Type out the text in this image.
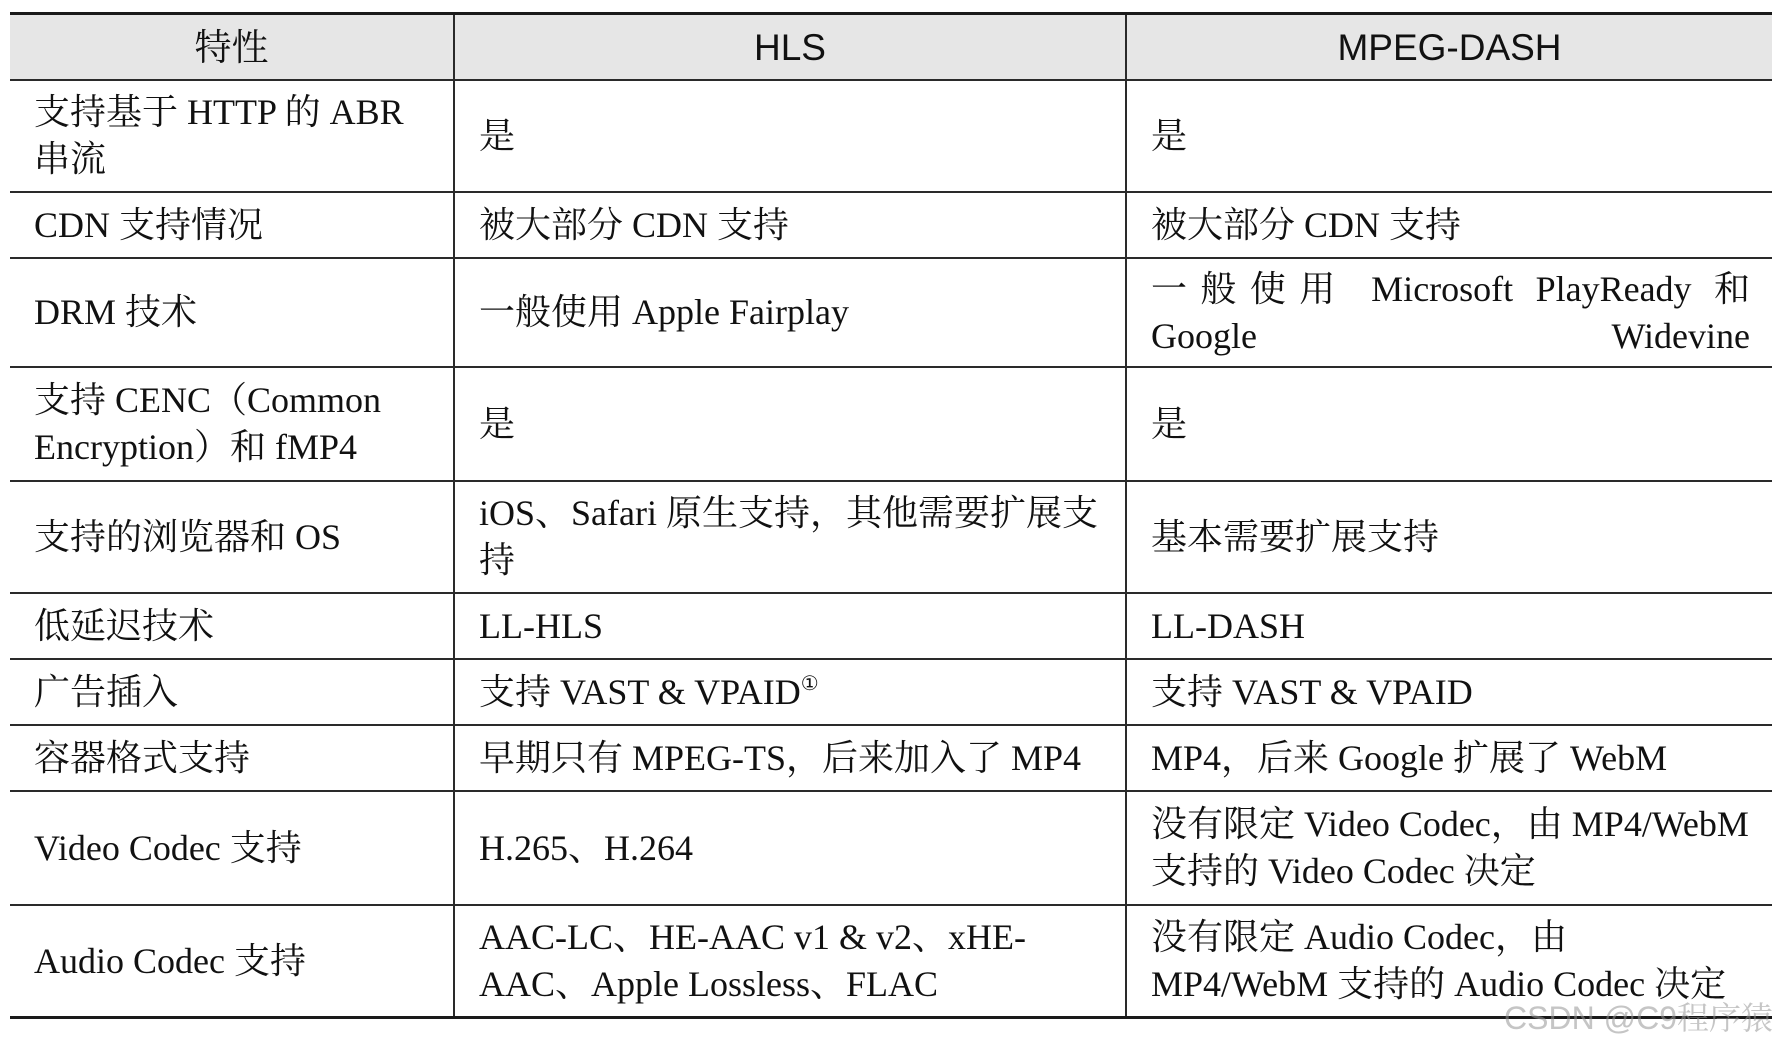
特性	HLS	MPEG-DASH
支持基于 HTTP 的 ABR 串流	是	是
CDN 支持情况	被大部分 CDN 支持	被大部分 CDN 支持
DRM 技术	一般使用 Apple Fairplay	一般使用 Microsoft PlayReady 和 Google Widevine
支持 CENC（Common Encryption）和 fMP4	是	是
支持的浏览器和 OS	iOS、Safari 原生支持，其他需要扩展支持	基本需要扩展支持
低延迟技术	LL-HLS	LL-DASH
广告插入	支持 VAST & VPAID①	支持 VAST & VPAID
容器格式支持	早期只有 MPEG-TS，后来加入了 MP4	MP4，后来 Google 扩展了 WebM
Video Codec 支持	H.265、H.264	没有限定 Video Codec，由 MP4/WebM 支持的 Video Codec 决定
Audio Codec 支持	AAC-LC、HE-AAC v1 & v2、xHE-AAC、Apple Lossless、FLAC	没有限定 Audio Codec，由 MP4/WebM 支持的 Audio Codec 决定
CSDN @C9程序猿
